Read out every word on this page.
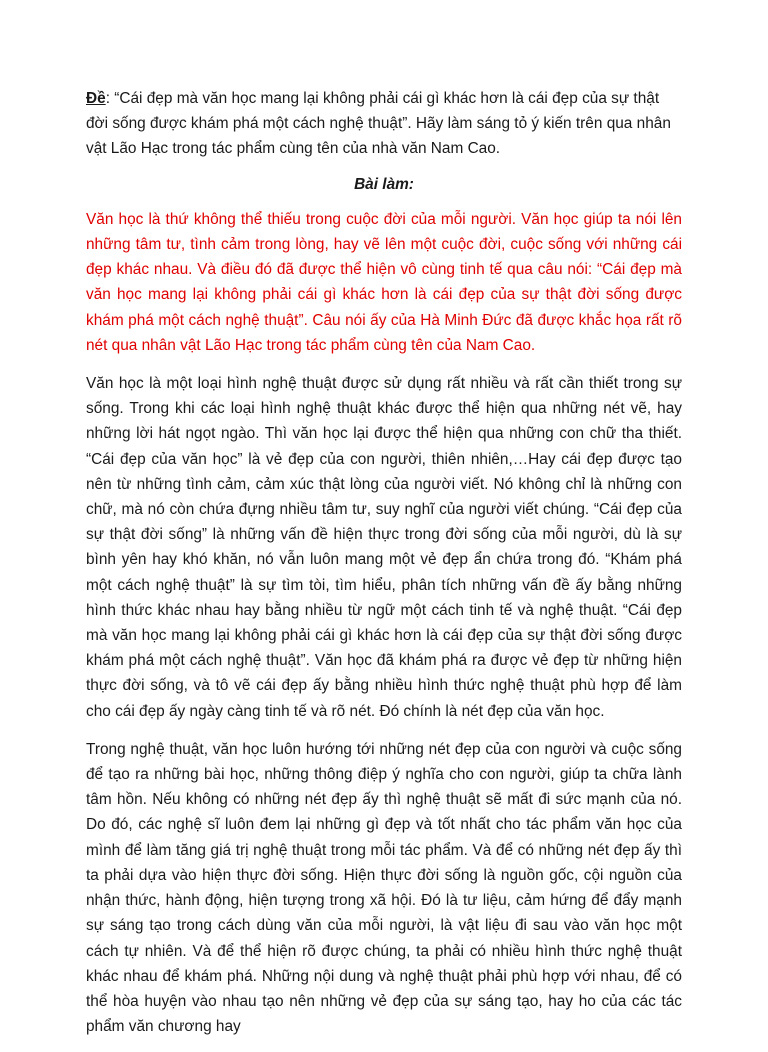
Đề: “Cái đẹp mà văn học mang lại không phải cái gì khác hơn là cái đẹp của sự thật đời sống được khám phá một cách nghệ thuật”. Hãy làm sáng tỏ ý kiến trên qua nhân vật Lão Hạc trong tác phẩm cùng tên của nhà văn Nam Cao.

Bài làm:

Văn học là thứ không thể thiếu trong cuộc đời của mỗi người. Văn học giúp ta nói lên những tâm tư, tình cảm trong lòng, hay vẽ lên một cuộc đời, cuộc sống với những cái đẹp khác nhau. Và điều đó đã được thể hiện vô cùng tinh tế qua câu nói: “Cái đẹp mà văn học mang lại không phải cái gì khác hơn là cái đẹp của sự thật đời sống được khám phá một cách nghệ thuật”. Câu nói ấy của Hà Minh Đức đã được khắc họa rất rõ nét qua nhân vật Lão Hạc trong tác phẩm cùng tên của Nam Cao.

Văn học là một loại hình nghệ thuật được sử dụng rất nhiều và rất cần thiết trong sự sống. Trong khi các loại hình nghệ thuật khác được thể hiện qua những nét vẽ, hay những lời hát ngọt ngào. Thì văn học lại được thể hiện qua những con chữ tha thiết. “Cái đẹp của văn học” là vẻ đẹp của con người, thiên nhiên,…Hay cái đẹp được tạo nên từ những tình cảm, cảm xúc thật lòng của người viết. Nó không chỉ là những con chữ, mà nó còn chứa đựng nhiều tâm tư, suy nghĩ của người viết chúng. “Cái đẹp của sự thật đời sống” là những vấn đề hiện thực trong đời sống của mỗi người, dù là sự bình yên hay khó khăn, nó vẫn luôn mang một vẻ đẹp ẩn chứa trong đó. “Khám phá một cách nghệ thuật” là sự tìm tòi, tìm hiểu, phân tích những vấn đề ấy bằng những hình thức khác nhau hay bằng nhiều từ ngữ một cách tinh tế và nghệ thuật. “Cái đẹp mà văn học mang lại không phải cái gì khác hơn là cái đẹp của sự thật đời sống được khám phá một cách nghệ thuật”. Văn học đã khám phá ra được vẻ đẹp từ những hiện thực đời sống, và tô vẽ cái đẹp ấy bằng nhiều hình thức nghệ thuật phù hợp để làm cho cái đẹp ấy ngày càng tinh tế và rõ nét. Đó chính là nét đẹp của văn học.

Trong nghệ thuật, văn học luôn hướng tới những nét đẹp của con người và cuộc sống để tạo ra những bài học, những thông điệp ý nghĩa cho con người, giúp ta chữa lành tâm hồn. Nếu không có những nét đẹp ấy thì nghệ thuật sẽ mất đi sức mạnh của nó. Do đó, các nghệ sĩ luôn đem lại những gì đẹp và tốt nhất cho tác phẩm văn học của mình để làm tăng giá trị nghệ thuật trong mỗi tác phẩm. Và để có những nét đẹp ấy thì ta phải dựa vào hiện thực đời sống. Hiện thực đời sống là nguồn gốc, cội nguồn của nhận thức, hành động, hiện tượng trong xã hội. Đó là tư liệu, cảm hứng để đẩy mạnh sự sáng tạo trong cách dùng văn của mỗi người, là vật liệu đi sau vào văn học một cách tự nhiên. Và để thể hiện rõ được chúng, ta phải có nhiều hình thức nghệ thuật khác nhau để khám phá. Những nội dung và nghệ thuật phải phù hợp với nhau, để có thể hòa huyện vào nhau tạo nên những vẻ đẹp của sự sáng tạo, hay ho của các tác phẩm văn chương hay
